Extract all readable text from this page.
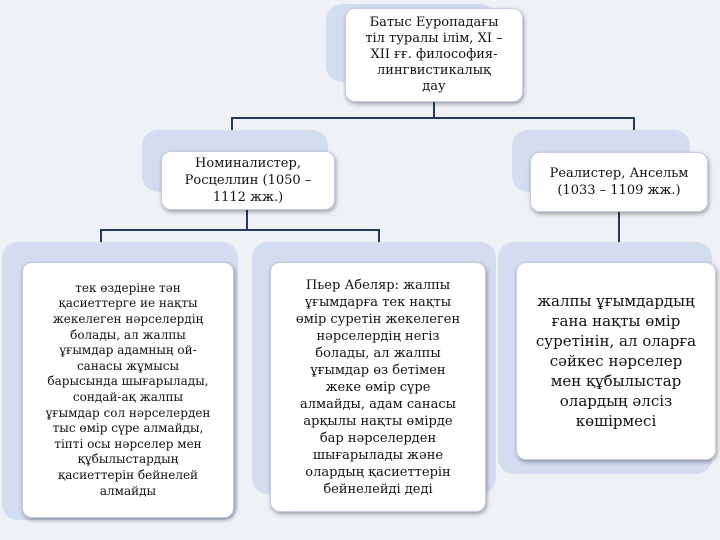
Батыс Еуропадағы
тіл туралы ілім, XI –
XII ғғ. философия-
лингвистикалық
дау
Номиналистер,
Росцеллин (1050 –
1112 жж.)
Реалистер, Ансельм
(1033 – 1109 жж.)
тек өздеріне тән
қасиеттерге ие нақты
жекелеген нәрселердің
болады, ал жалпы
ұғымдар адамның ой-
санасы жұмысы
барысында шығарылады,
сондай-ақ жалпы
ұғымдар сол нәрселерден
тыс өмір сүре алмайды,
тіпті осы нәрселер мен
құбылыстардың
қасиеттерін бейнелей
алмайды
Пьер Абеляр: жалпы
ұғымдарға тек нақты
өмір суретін жекелеген
нәрселердің негіз
болады, ал жалпы
ұғымдар өз бетімен
жеке өмір сүре
алмайды, адам санасы
арқылы нақты өмірде
бар нәрселерден
шығарылады және
олардың қасиеттерін
бейнелейді деді
жалпы ұғымдардың
ғана нақты өмір
суретінін, ал оларға
сәйкес нәрселер
мен құбылыстар
олардың әлсіз
көшірмесі
